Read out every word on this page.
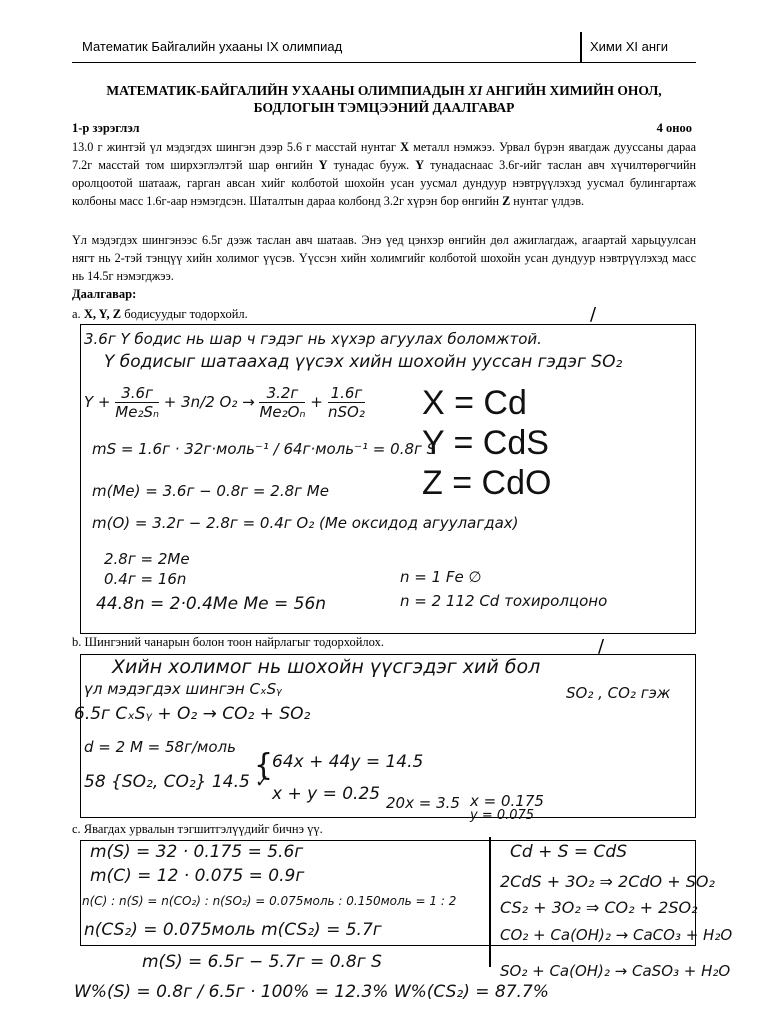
Математик Байгалийн ухааны IX олимпиад	Хими XI анги
МАТЕМАТИК-БАЙГАЛИЙН УХААНЫ ОЛИМПИАДЫН XI АНГИЙН ХИМИЙН ОНОЛ,
БОДЛОГЫН ТЭМЦЭЭНИЙ ДААЛГАВАР
1-р зэрэглэл	4 оноо

13.0 г жинтэй үл мэдэгдэх шингэн дээр 5.6 г масстай нунтаг X металл нэмжээ. Урвал бүрэн явагдаж дуусcаны дараа 7.2г масстай том ширхэглэлтэй шар өнгийн Y тунадас бууж. Y тунадаснаас 3.6г-ийг таслан авч хүчилтөрөгчийн орoлцоотой шатааж, гарган авсан хийг колботой шохойн усан уусмал дундуур нэвтрүүлэхэд уусмал булингартаж колбоны масс 1.6г-аар нэмэгдсэн. Шаталтын дараа колбонд 3.2г хүрэн бор өнгийн Z нунтаг үлдэв.

Үл мэдэгдэх шингэнээс 6.5г дээж таслан авч шатаав. Энэ үед цэнхэр өнгийн дөл ажиглагдаж, агаартай харьцуулсан нягт нь 2-тэй тэнцүү хийн холимог үүсэв. Үүссэн хийн холимгийг колботой шохойн усан дундуур нэвтрүүлэхэд масс нь 14.5г нэмэгджээ.

Даалгавар:
a. X, Y, Z бодисуудыг тодорхойл.	/
3.6г Y бодис нь шар ч гэдэг нь хүхэр агуулах боломжтой.
Y бодисыг шатаахад үүсэх хийн шохойн ууссан гэдэг SO₂
$Y + \frac{3.6г}{\text{Me₂Sₙ}} + 3n/2$ $O_2 \to \frac{3.2г}{\text{Me₂Oₙ}} + \frac{1.6г}{\text{nSO₂}}$
mS = 1.6г · 32г·моль⁻¹ / 64г·моль⁻¹ = 0.8г S
m(Me) = 3.6г − 0.8г = 2.8г Me
m(O) = 3.2г − 2.8г = 0.4г O₂ (Me оксидод агуулагдах)
2.8г = 2Me
0.4г = 16n
44.8n = 2·0.4Me Me = 56n
X = Cd
Y = CdS
Z = CdO
n = 1 Fe ∅
n = 2 112 Cd тохиролцоно
b. Шингэний чанарын болон тоон найрлагыг тодорхойлох.	/
Хийн холимог нь шохойн үүсгэдэг хий бол
үл мэдэгдэх шингэн CₓSᵧ	SO₂ , CO₂ гэж
6.5г CₓSᵧ + O₂ → CO₂ + SO₂
d = 2 M = 58г/моль
58 {SO₂, CO₂} 14.5 ✓
{
64x + 44y = 14.5
x + y = 0.25 20x = 3.5 x = 0.175
y = 0.075
c. Явагдах урвалын тэгшитгэлүүдийг бичнэ үү.
m(S) = 32 · 0.175 = 5.6г
m(C) = 12 · 0.075 = 0.9г
n(C) : n(S) = n(CO₂) : n(SO₂) = 0.075моль : 0.150моль = 1 : 2
n(CS₂) = 0.075моль m(CS₂) = 5.7г
m(S) = 6.5г − 5.7г = 0.8г S
W%(S) = 0.8г / 6.5г · 100% = 12.3% W%(CS₂) = 87.7%
Cd + S = CdS
2CdS + 3O₂ ⇒ 2CdO + SO₂
CS₂ + 3O₂ ⇒ CO₂ + 2SO₂
CO₂ + Ca(OH)₂ → CaCO₃ + H₂O
SO₂ + Ca(OH)₂ → CaSO₃ + H₂O
